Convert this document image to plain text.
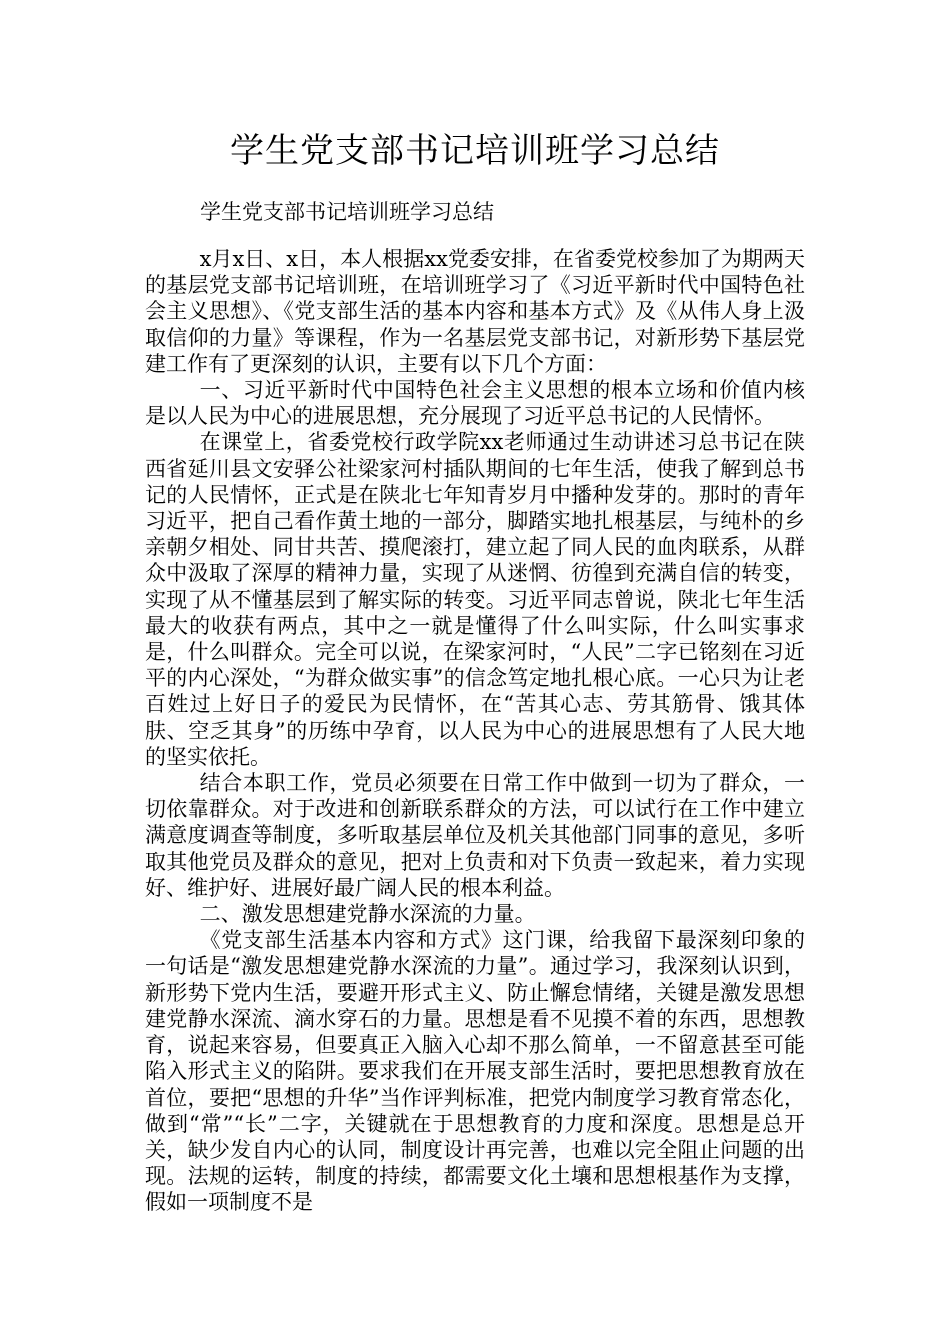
学生党支部书记培训班学习总结

学生党支部书记培训班学习总结

x月x日、x日，本人根据xx党委安排，在省委党校参加了为期两天的基层党支部书记培训班，在培训班学习了《习近平新时代中国特色社会主义思想》、《党支部生活的基本内容和基本方式》及《从伟人身上汲取信仰的力量》等课程，作为一名基层党支部书记，对新形势下基层党建工作有了更深刻的认识，主要有以下几个方面：

一、习近平新时代中国特色社会主义思想的根本立场和价值内核是以人民为中心的进展思想，充分展现了习近平总书记的人民情怀。

在课堂上，省委党校行政学院xx老师通过生动讲述习总书记在陕西省延川县文安驿公社梁家河村插队期间的七年生活，使我了解到总书记的人民情怀，正式是在陕北七年知青岁月中播种发芽的。那时的青年习近平，把自己看作黄土地的一部分，脚踏实地扎根基层，与纯朴的乡亲朝夕相处、同甘共苦、摸爬滚打，建立起了同人民的血肉联系，从群众中汲取了深厚的精神力量，实现了从迷惘、彷徨到充满自信的转变，实现了从不懂基层到了解实际的转变。习近平同志曾说，陕北七年生活最大的收获有两点，其中之一就是懂得了什么叫实际，什么叫实事求是，什么叫群众。完全可以说，在梁家河时，“人民”二字已铭刻在习近平的内心深处，“为群众做实事”的信念笃定地扎根心底。一心只为让老百姓过上好日子的爱民为民情怀，在“苦其心志、劳其筋骨、饿其体肤、空乏其身”的历练中孕育，以人民为中心的进展思想有了人民大地的坚实依托。

结合本职工作，党员必须要在日常工作中做到一切为了群众，一切依靠群众。对于改进和创新联系群众的方法，可以试行在工作中建立满意度调查等制度，多听取基层单位及机关其他部门同事的意见，多听取其他党员及群众的意见，把对上负责和对下负责一致起来，着力实现好、维护好、进展好最广阔人民的根本利益。

二、激发思想建党静水深流的力量。

《党支部生活基本内容和方式》这门课，给我留下最深刻印象的一句话是“激发思想建党静水深流的力量”。通过学习，我深刻认识到，新形势下党内生活，要避开形式主义、防止懈怠情绪，关键是激发思想建党静水深流、滴水穿石的力量。思想是看不见摸不着的东西，思想教育，说起来容易，但要真正入脑入心却不那么简单，一不留意甚至可能陷入形式主义的陷阱。要求我们在开展支部生活时，要把思想教育放在首位，要把“思想的升华”当作评判标准，把党内制度学习教育常态化，做到“常”“长”二字，关键就在于思想教育的力度和深度。思想是总开关，缺少发自内心的认同，制度设计再完善，也难以完全阻止问题的出现。法规的运转，制度的持续，都需要文化土壤和思想根基作为支撑，假如一项制度不是
